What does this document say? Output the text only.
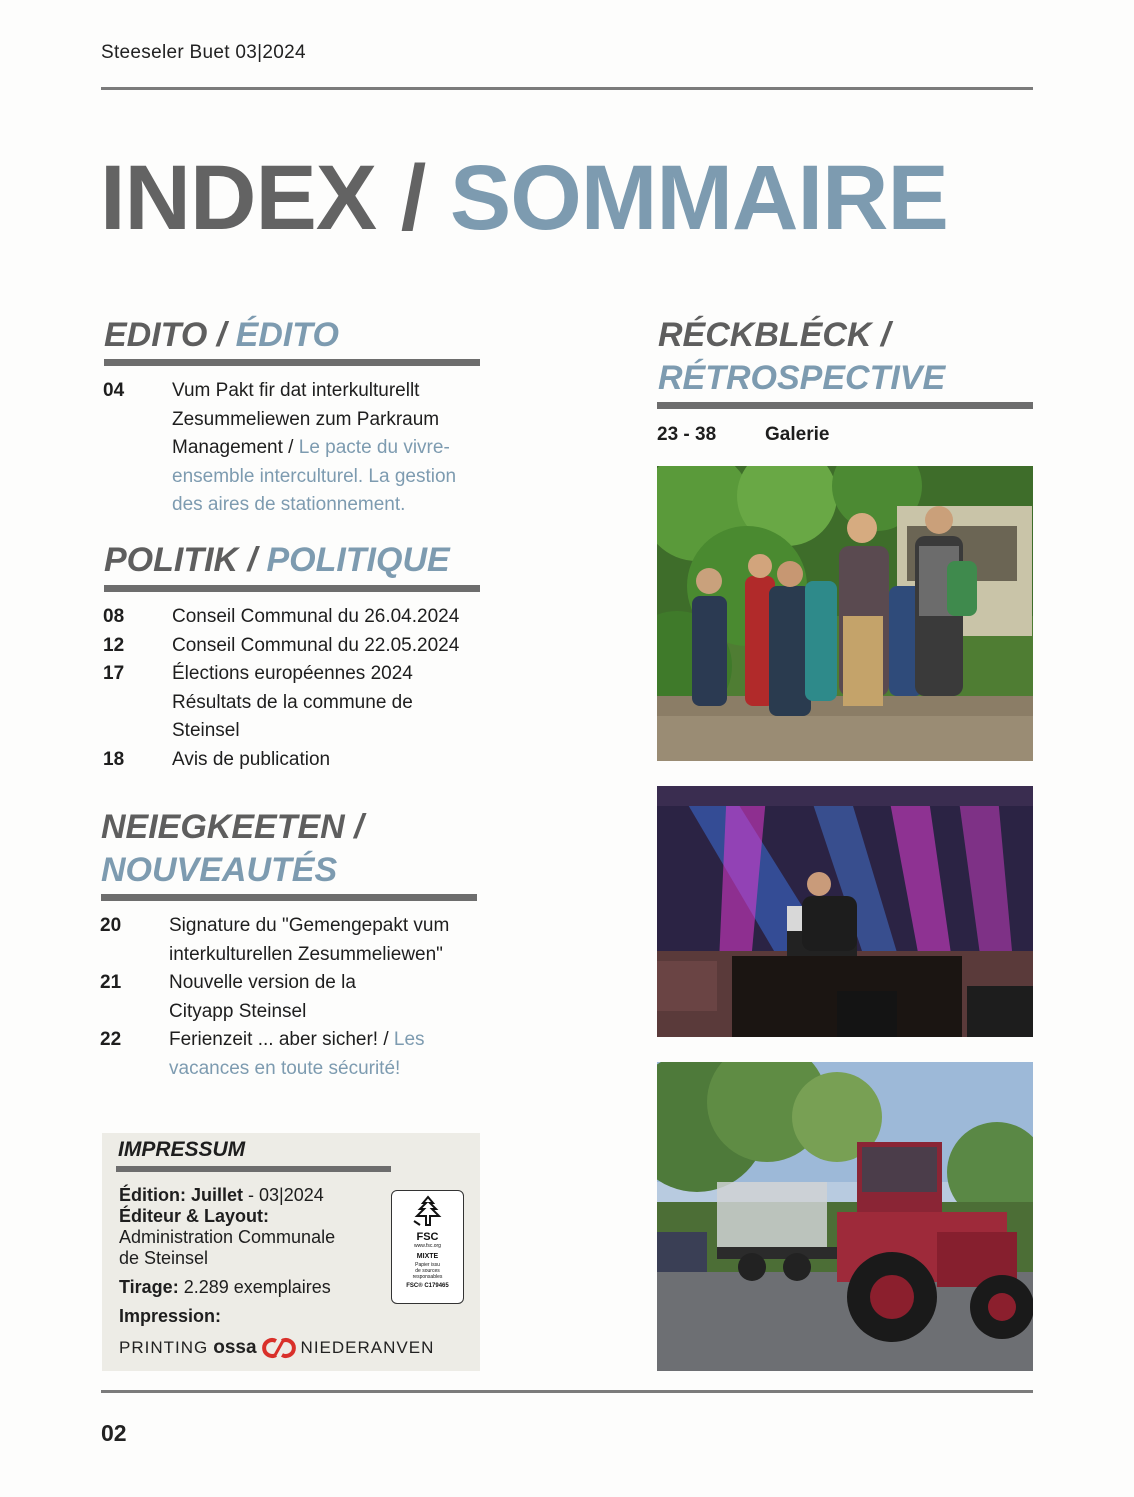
Steeseler Buet 03|2024
INDEX / SOMMAIRE
EDITO / ÉDITO
04	Vum Pakt fir dat interkulturellt
Zesummeliewen zum Parkraum
Management / Le pacte du vivre-
ensemble interculturel. La gestion
des aires de stationnement.
POLITIK / POLITIQUE
08	Conseil Communal du 26.04.2024
12	Conseil Communal du 22.05.2024
17	Élections européennes 2024
Résultats de la commune de
Steinsel
18	Avis de publication
NEIEGKEETEN /
NOUVEAUTÉS
20	Signature du "Gemengepakt vum
interkulturellen Zesummeliewen"
21	Nouvelle version de la
Cityapp Steinsel
22	Ferienzeit ... aber sicher! / Les
vacances en toute sécurité!
RÉCKBLÉCK /
RÉTROSPECTIVE
23 - 38	Galerie
IMPRESSUM
Édition: Juillet - 03|2024
Éditeur & Layout:
Administration Communale
de Steinsel
Tirage: 2.289 exemplaires
Impression:
PRINTING ossa	NIEDERANVEN
FSC
www.fsc.org
MIXTE
Papier issu
de sources
responsables
FSC® C179465
02
